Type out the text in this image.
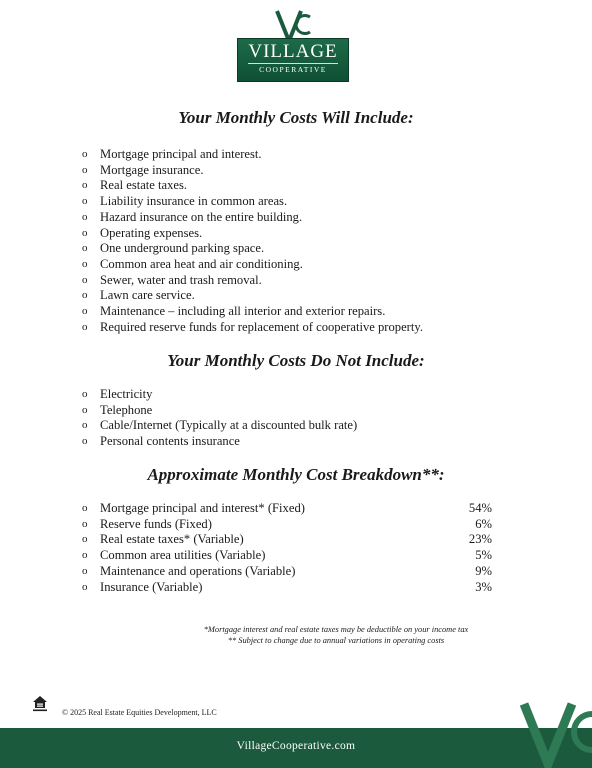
VILLAGE
COOPERATIVE
Your Monthly Costs Will Include:
o Mortgage principal and interest.
o Mortgage insurance.
o Real estate taxes.
o Liability insurance in common areas.
o Hazard insurance on the entire building.
o Operating expenses.
o One underground parking space.
o Common area heat and air conditioning.
o Sewer, water and trash removal.
o Lawn care service.
o Maintenance – including all interior and exterior repairs.
o Required reserve funds for replacement of cooperative property.
Your Monthly Costs Do Not Include:
o Electricity
o Telephone
o Cable/Internet (Typically at a discounted bulk rate)
o Personal contents insurance
Approximate Monthly Cost Breakdown**:
o Mortgage principal and interest* (Fixed)	54%
o Reserve funds (Fixed)	6%
o Real estate taxes* (Variable)	23%
o Common area utilities (Variable)	5%
o Maintenance and operations (Variable)	9%
o Insurance (Variable)	3%
*Mortgage interest and real estate taxes may be deductible on your income tax
** Subject to change due to annual variations in operating costs
© 2025 Real Estate Equities Development, LLC
VillageCooperative.com
